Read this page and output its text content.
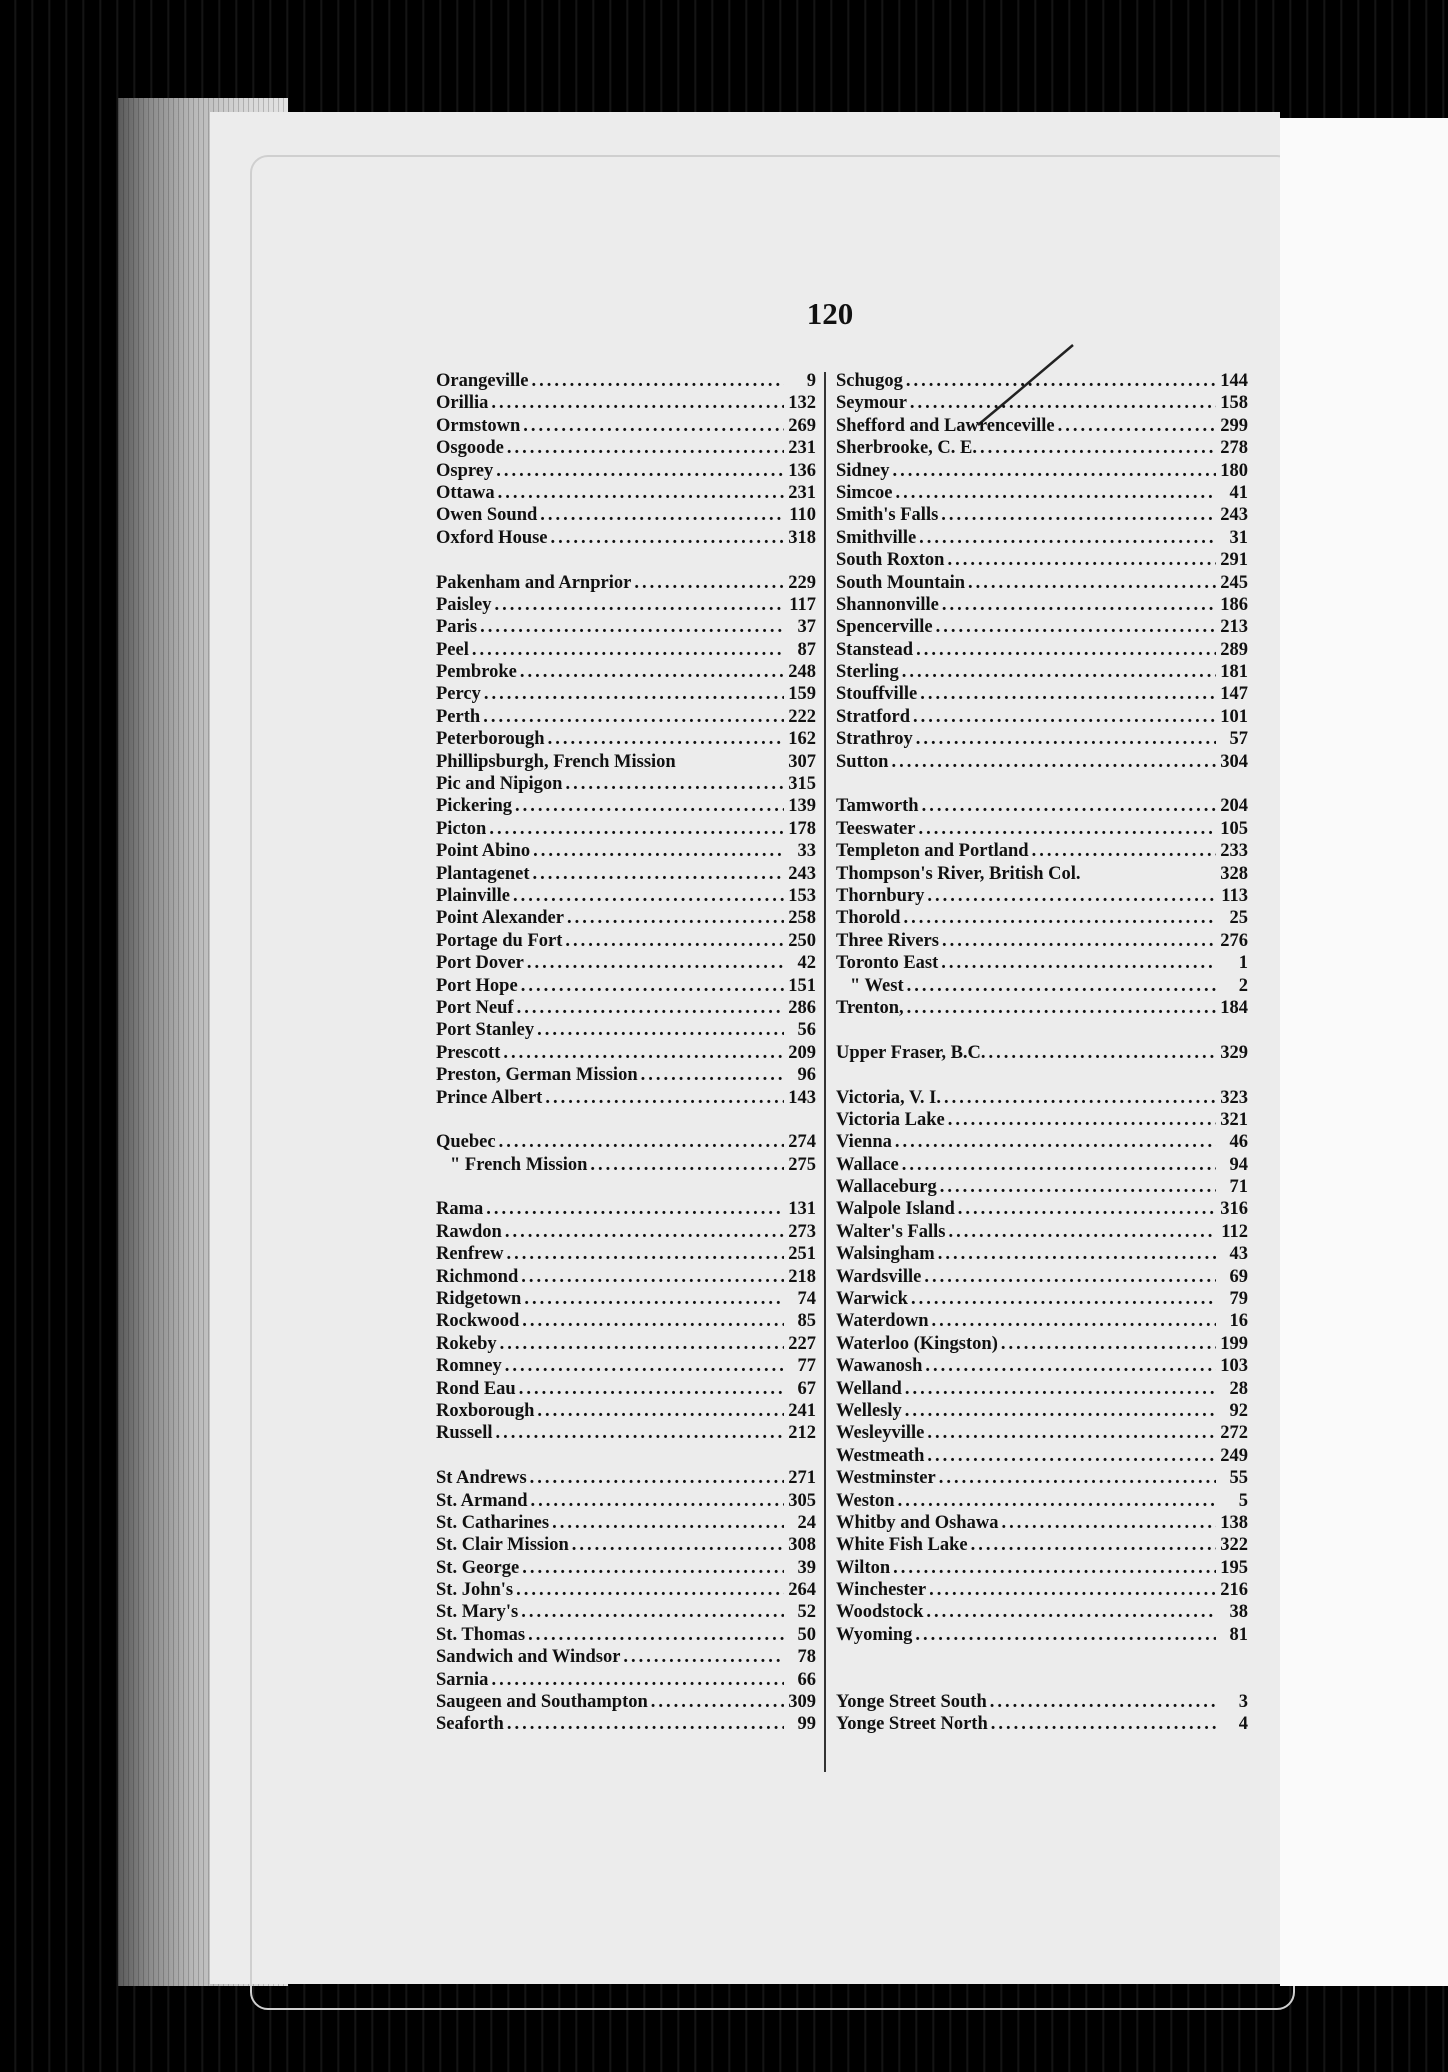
120
Orangeville .....	9
Orillia .....	132
Ormstown .....	269
Osgoode .....	231
Osprey .....	136
Ottawa .....	231
Owen Sound .....	110
Oxford House .....	318
Pakenham and Arnprior .....	229
Paisley .....	117
Paris .....	37
Peel .....	87
Pembroke .....	248
Percy .....	159
Perth .....	222
Peterborough .....	162
Phillipsburgh, French Mission	307
Pic and Nipigon .....	315
Pickering .....	139
Picton .....	178
Point Abino .....	33
Plantagenet .....	243
Plainville .....	153
Point Alexander .....	258
Portage du Fort .....	250
Port Dover .....	42
Port Hope .....	151
Port Neuf .....	286
Port Stanley .....	56
Prescott .....	209
Preston, German Mission .....	96
Prince Albert .....	143
Quebec .....	274
" French Mission .....	275
Rama .....	131
Rawdon .....	273
Renfrew .....	251
Richmond .....	218
Ridgetown .....	74
Rockwood .....	85
Rokeby .....	227
Romney .....	77
Rond Eau .....	67
Roxborough .....	241
Russell .....	212
St Andrews .....	271
St. Armand .....	305
St. Catharines .....	24
St. Clair Mission .....	308
St. George .....	39
St. John's .....	264
St. Mary's .....	52
St. Thomas .....	50
Sandwich and Windsor .....	78
Sarnia .....	66
Saugeen and Southampton .....	309
Seaforth .....	99
Schugog .....	144
Seymour .....	158
Shefford and Lawrenceville .....	299
Sherbrooke, C. E. .....	278
Sidney .....	180
Simcoe .....	41
Smith's Falls .....	243
Smithville .....	31
South Roxton .....	291
South Mountain .....	245
Shannonville .....	186
Spencerville .....	213
Stanstead .....	289
Sterling .....	181
Stouffville .....	147
Stratford .....	101
Strathroy .....	57
Sutton .....	304
Tamworth .....	204
Teeswater .....	105
Templeton and Portland .....	233
Thompson's River, British Col.	328
Thornbury .....	113
Thorold .....	25
Three Rivers .....	276
Toronto East .....	1
" West .....	2
Trenton, .....	184
Upper Fraser, B.C. .....	329
Victoria, V. I. .....	323
Victoria Lake .....	321
Vienna .....	46
Wallace .....	94
Wallaceburg .....	71
Walpole Island .....	316
Walter's Falls .....	112
Walsingham .....	43
Wardsville .....	69
Warwick .....	79
Waterdown .....	16
Waterloo (Kingston) .....	199
Wawanosh .....	103
Welland .....	28
Wellesly .....	92
Wesleyville .....	272
Westmeath .....	249
Westminster .....	55
Weston .....	5
Whitby and Oshawa .....	138
White Fish Lake .....	322
Wilton .....	195
Winchester .....	216
Woodstock .....	38
Wyoming .....	81
Yonge Street South .....	3
Yonge Street North .....	4
